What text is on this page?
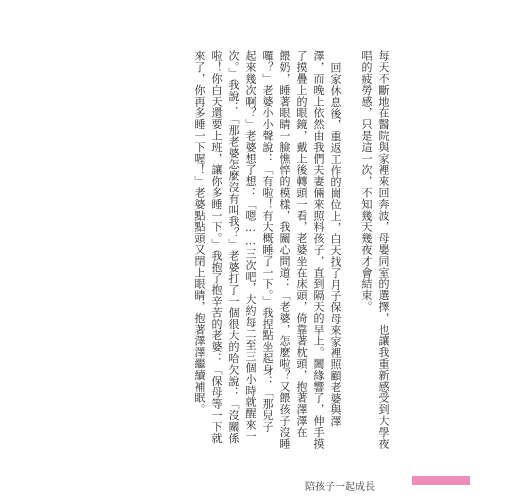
每天不斷地在醫院與家裡來回奔波，母嬰同室的選擇，也讓我重新感受到大學夜
唱的疲勞感，只是這一次，不知幾天幾夜才會結束。
回家休息後，重返工作的崗位上，白天找了月子保母來家裡照顧老婆與澤
澤，而晚上依然由我們夫妻倆來照料孩子，直到隔天的早上。闔緣響了，伸手摸
了摸疊上的眼鏡，戴上後轉頭一看，老婆坐在床頭，倚靠著枕頭，抱著澤澤在
餵奶，睡著眼睛一臉憔悴的模樣，我關心問道：「老婆，怎麼啦？又餵孩子沒睡
囉？」老婆小小聲說：「有啦！有大概睡了一下。」我捏點坐起身：「那兒子
起來幾次啊？」老婆想了想：「嗯……三次吧，大約每二至三個小時就醒來一
次。」我說：「那老婆怎麼沒有叫我？」老婆打了一個很大的哈欠說：「沒關係
啦！你白天還要上班，讓你多睡一下。」我抱了抱辛苦的老婆：「保母等一下就
來了，你再多睡一下喔！」老婆點點頭又閉上眼睛，抱著澤澤繼續補眠。
陪孩子一起成長
